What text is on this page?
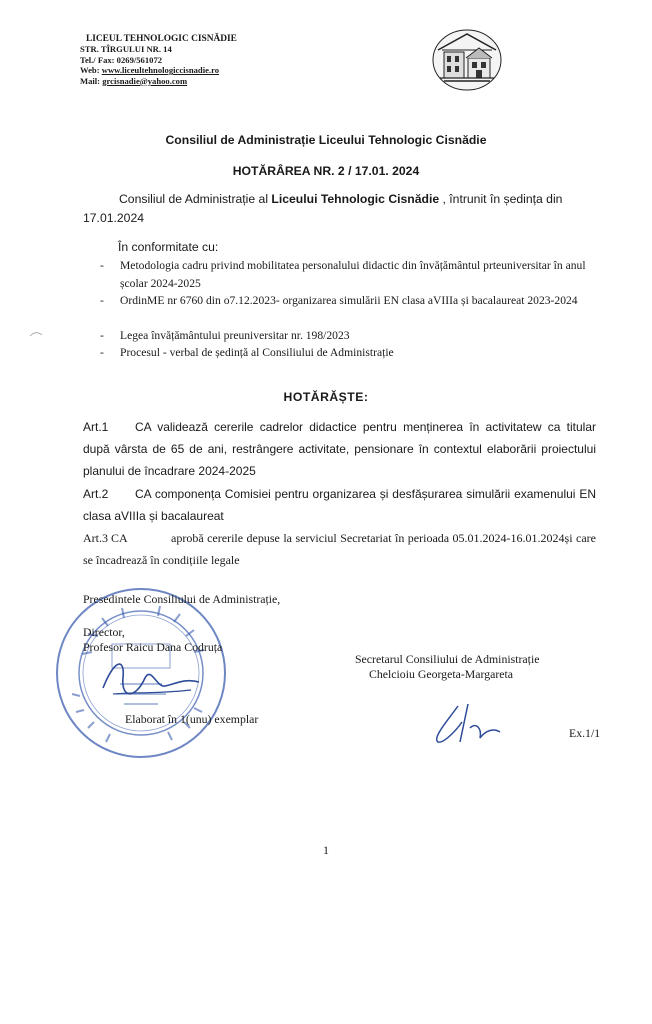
LICEUL TEHNOLOGIC CISNĂDIE
STR. TÎRGULUI NR. 14
Tel./ Fax: 0269/561072
Web: www.liceultehnologiccisnadie.ro
Mail: grcisnadie@yahoo.com
Consiliul de Administrație Liceului Tehnologic Cisnădie
HOTĂRÂREA NR. 2 / 17.01. 2024
Consiliul de Administrație al Liceului Tehnologic Cisnădie , întrunit în ședința din 17.01.2024
În conformitate cu:
-	Metodologia cadru privind mobilitatea personalului didactic din învățământul prteuniversitar în anul școlar 2024-2025
-	OrdinME nr 6760 din o7.12.2023- organizarea simulării EN clasa aVIIIa și bacalaureat 2023-2024
-	Legea învățământului preuniversitar nr. 198/2023
-	Procesul - verbal de ședință al Consiliului de Administrație
HOTĂRĂȘTE:
Art.1 CA validează cererile cadrelor didactice pentru menținerea în activitatew ca titular după vârsta de 65 de ani, restrângere activitate, pensionare în contextul elaborării proiectului planului de încadrare 2024-2025
Art.2 CA componența Comisiei pentru organizarea și desfășurarea simulării examenului EN clasa aVIIIa și bacalaureat
Art.3 CA	aprobă cererile depuse la serviciul Secretariat în perioada 05.01.2024-16.01.2024și care se încadrează în condițiile legale
Presedintele Consiliului de Administrație,
Director,
Profesor Raicu Dana Codruța
Secretarul Consiliului de Administrație
Chelcioiu Georgeta-Margareta
Elaborat în 1(unu) exemplar
Ex.1/1
1
